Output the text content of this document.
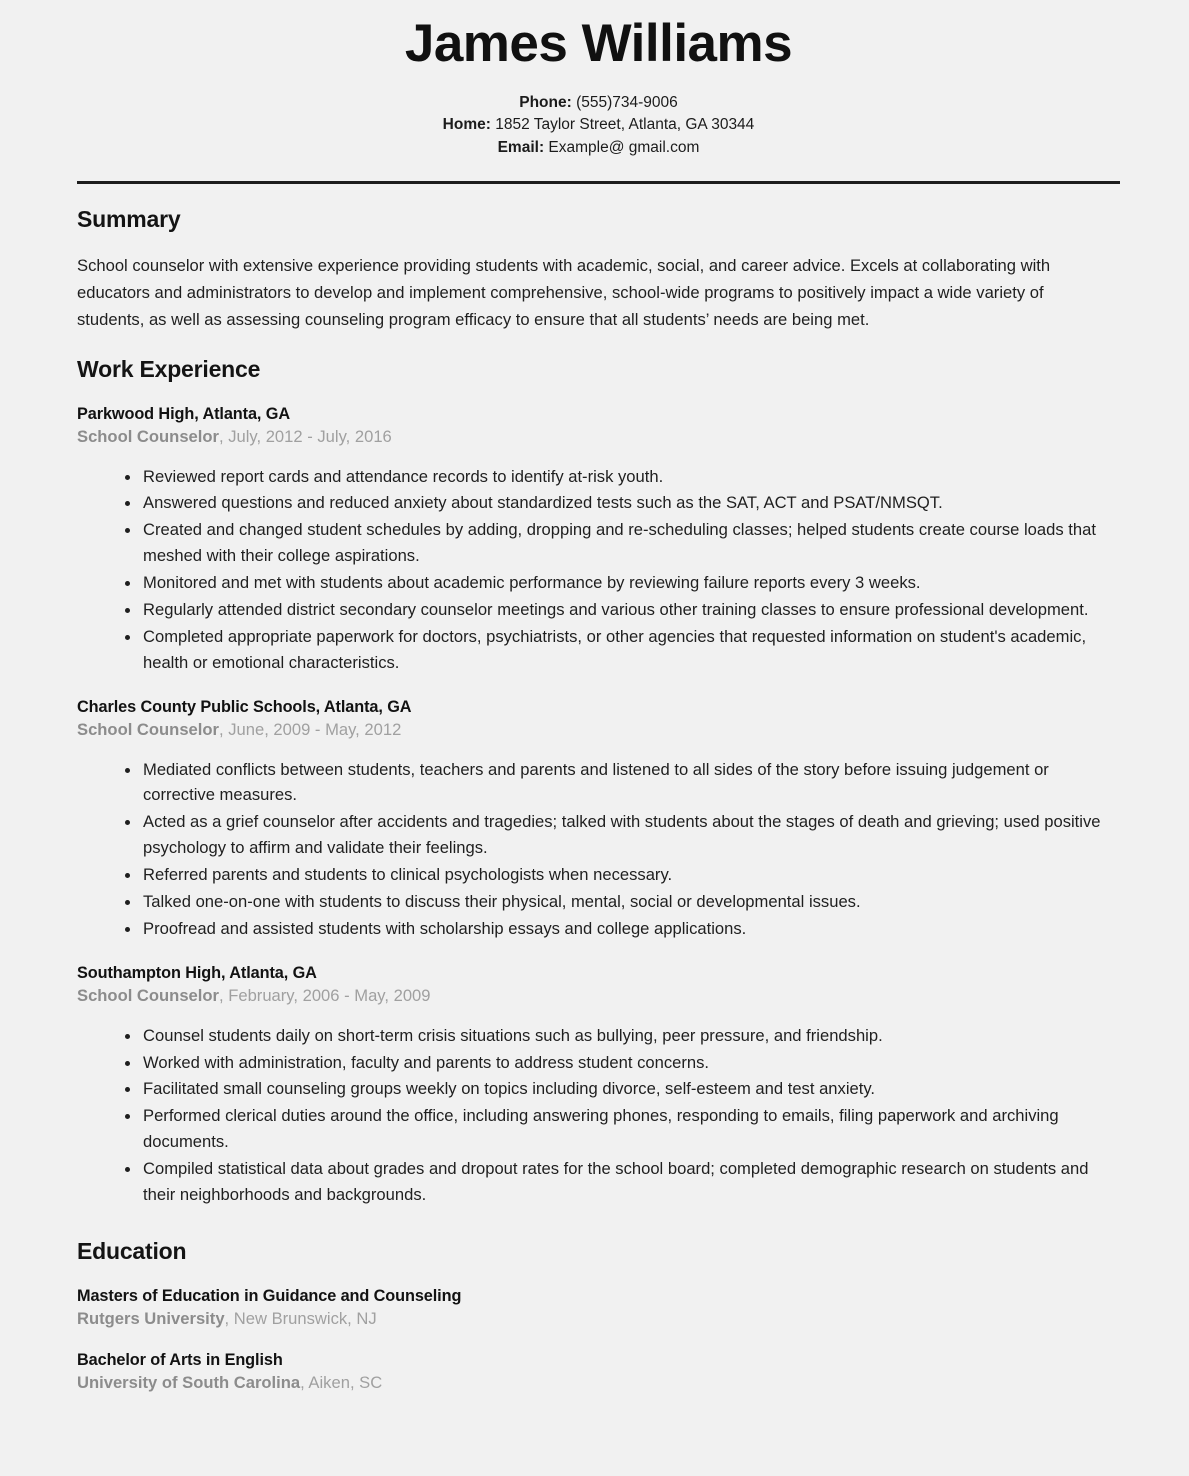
James Williams
Phone: (555)734-9006
Home: 1852 Taylor Street, Atlanta, GA 30344
Email: Example@ gmail.com
Summary

School counselor with extensive experience providing students with academic, social, and career advice. Excels at collaborating with educators and administrators to develop and implement comprehensive, school-wide programs to positively impact a wide variety of students, as well as assessing counseling program efficacy to ensure that all students’ needs are being met.

Work Experience
Parkwood High, Atlanta, GA
School Counselor, July, 2012 - July, 2016
Reviewed report cards and attendance records to identify at-risk youth.
Answered questions and reduced anxiety about standardized tests such as the SAT, ACT and PSAT/NMSQT.
Created and changed student schedules by adding, dropping and re-scheduling classes; helped students create course loads that meshed with their college aspirations.
Monitored and met with students about academic performance by reviewing failure reports every 3 weeks.
Regularly attended district secondary counselor meetings and various other training classes to ensure professional development.
Completed appropriate paperwork for doctors, psychiatrists, or other agencies that requested information on student's academic, health or emotional characteristics.
Charles County Public Schools, Atlanta, GA
School Counselor, June, 2009 - May, 2012
Mediated conflicts between students, teachers and parents and listened to all sides of the story before issuing judgement or corrective measures.
Acted as a grief counselor after accidents and tragedies; talked with students about the stages of death and grieving; used positive psychology to affirm and validate their feelings.
Referred parents and students to clinical psychologists when necessary.
Talked one-on-one with students to discuss their physical, mental, social or developmental issues.
Proofread and assisted students with scholarship essays and college applications.
Southampton High, Atlanta, GA
School Counselor, February, 2006 - May, 2009
Counsel students daily on short-term crisis situations such as bullying, peer pressure, and friendship.
Worked with administration, faculty and parents to address student concerns.
Facilitated small counseling groups weekly on topics including divorce, self-esteem and test anxiety.
Performed clerical duties around the office, including answering phones, responding to emails, filing paperwork and archiving documents.
Compiled statistical data about grades and dropout rates for the school board; completed demographic research on students and their neighborhoods and backgrounds.
Education
Masters of Education in Guidance and Counseling
Rutgers University, New Brunswick, NJ
Bachelor of Arts in English
University of South Carolina, Aiken, SC
